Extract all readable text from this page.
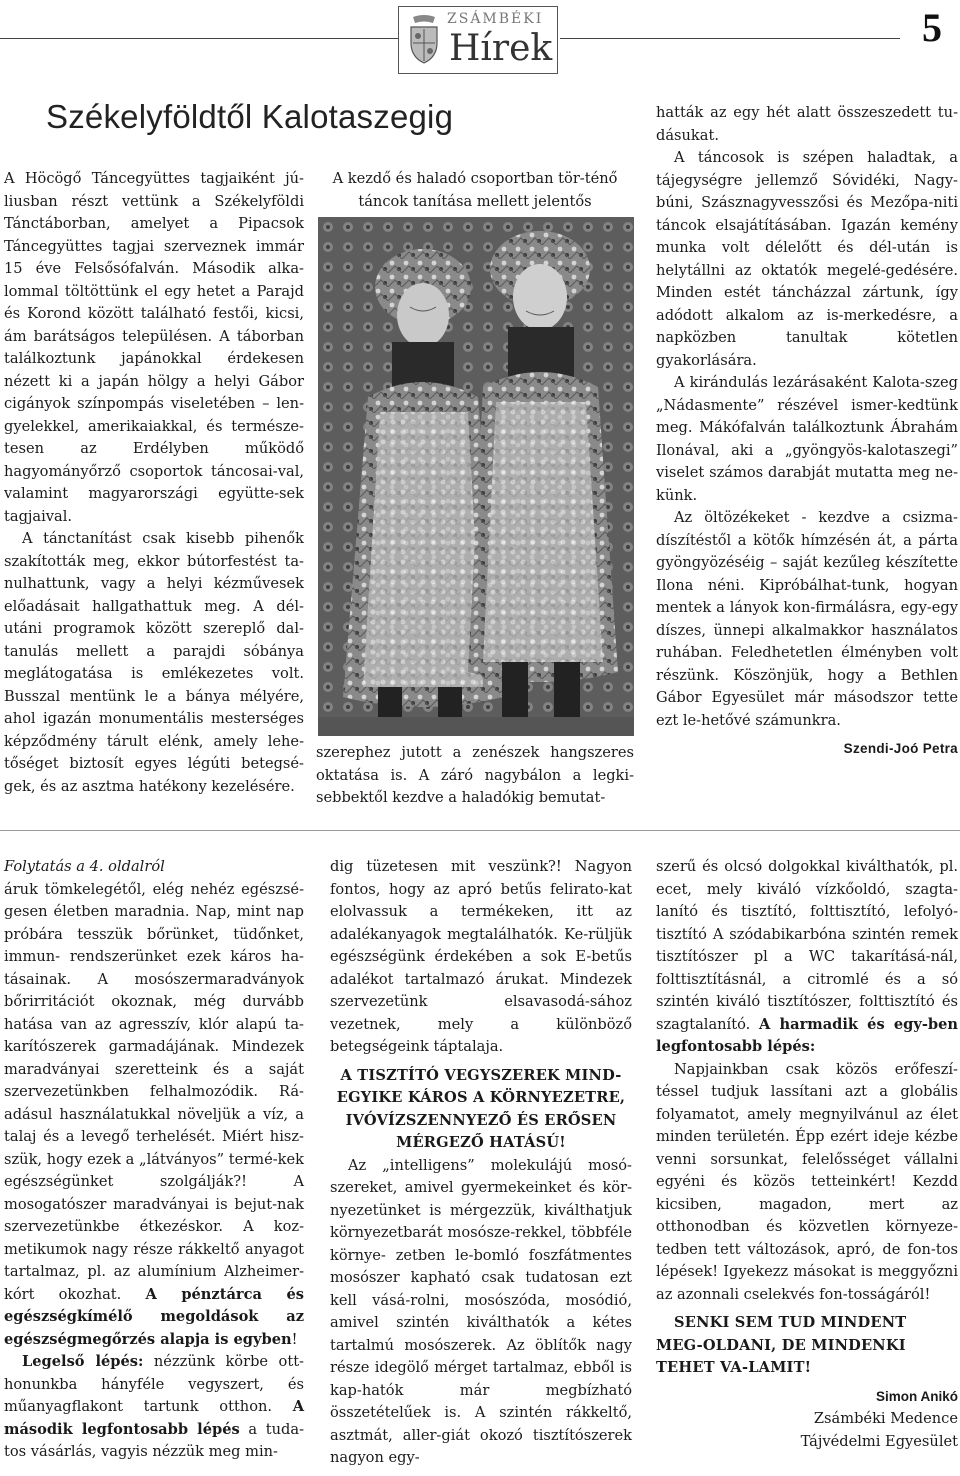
ZSÁMBÉKI
Hírek	5
Székelyföldtől Kalotaszegig

A Höcögő Táncegyüttes tagjaiként jú-liusban részt vettünk a Székelyföldi Tánctáborban, amelyet a Pipacsok Táncegyüttes tagjai szerveznek immár 15 éve Felsősófalván. Második alka-lommal töltöttünk el egy hetet a Parajd és Korond között található festői, kicsi, ám barátságos településen. A táborban találkoztunk japánokkal érdekesen nézett ki a japán hölgy a helyi Gábor cigányok színpompás viseletében – len-gyelekkel, amerikaiakkal, és természe-tesen az Erdélyben működő hagyományőrző csoportok táncosai-val, valamint magyarországi együtte-sek tagjaival.

A tánctanítást csak kisebb pihenők szakították meg, ekkor bútorfestést ta-nulhattunk, vagy a helyi kézművesek előadásait hallgathattuk meg. A dél-utáni programok között szereplő dal-tanulás mellett a parajdi sóbánya meglátogatása is emlékezetes volt. Busszal mentünk le a bánya mélyére, ahol igazán monumentális mesterséges képződmény tárult elénk, amely lehe-tőséget biztosít egyes légúti betegsé-gek, és az asztma hatékony kezelésére.

A kezdő és haladó csoportban tör-ténő táncok tanítása mellett jelentős

szerephez jutott a zenészek hangszeres oktatása is. A záró nagybálon a legki-sebbektől kezdve a haladókig bemutat-

hatták az egy hét alatt összeszedett tu-dásukat.

A táncosok is szépen haladtak, a tájegységre jellemző Sóvidéki, Nagy-búni, Szásznagyvesszősi és Mezőpa-niti táncok elsajátításában. Igazán kemény munka volt délelőtt és dél-után is helytállni az oktatók megelé-gedésére. Minden estét táncházzal zártunk, így adódott alkalom az is-merkedésre, a napközben tanultak kötetlen gyakorlására.

A kirándulás lezárásaként Kalota-szeg „Nádasmente” részével ismer-kedtünk meg. Mákófalván találkoztunk Ábrahám Ilonával, aki a „gyöngyös-kalotaszegi” viselet számos darabját mutatta meg ne-künk.

Az öltözékeket - kezdve a csizma-díszítéstől a kötők hímzésén át, a párta gyöngyözéséig – saját kezűleg készítette Ilona néni. Kipróbálhat-tunk, hogyan mentek a lányok kon-firmálásra, egy-egy díszes, ünnepi alkalmakkor használatos ruhában. Feledhetetlen élményben volt részünk. Köszönjük, hogy a Bethlen Gábor Egyesület már másodszor tette ezt le-hetővé számunkra.

Szendi-Joó Petra

Folytatás a 4. oldalról

áruk tömkelegétől, elég nehéz egészsé-gesen életben maradnia. Nap, mint nap próbára tesszük bőrünket, tüdőnket, immun- rendszerünket ezek káros ha-tásainak. A mosószermaradványok bőrirritációt okoznak, még durvább hatása van az agresszív, klór alapú ta-karítószerek garmadájának. Mindezek maradványai szeretteink és a saját szervezetünkben felhalmozódik. Rá-adásul használatukkal növeljük a víz, a talaj és a levegő terhelését. Miért hisz-szük, hogy ezek a „látványos” termé-kek egészségünket szolgálják?! A mosogatószer maradványai is bejut-nak szervezetünkbe étkezéskor. A koz-metikumok nagy része rákkeltő anyagot tartalmaz, pl. az alumínium Alzheimer-kórt okozhat. A pénztárca és egészségkímélő megoldások az egészségmegőrzés alapja is egyben!

Legelső lépés: nézzünk körbe ott-honunkba hányféle vegyszert, és műanyagflakont tartunk otthon. A második legfontosabb lépés a tuda-tos vásárlás, vagyis nézzük meg min-

dig tüzetesen mit veszünk?! Nagyon fontos, hogy az apró betűs felirato-kat elolvassuk a termékeken, itt az adalékanyagok megtalálhatók. Ke-rüljük egészségünk érdekében a sok E-betűs adalékot tartalmazó árukat. Mindezek szervezetünk elsavasodá-sához vezetnek, mely a különböző betegségeink táptalaja.

A TISZTÍTÓ VEGYSZEREK MIND-EGYIKE KÁROS A KÖRNYEZETRE, IVÓVÍZSZENNYEZŐ ÉS ERŐSEN MÉRGEZŐ HATÁSÚ!

Az „intelligens” molekulájú mosó-szereket, amivel gyermekeinket és kör-nyezetünket is mérgezzük, kiválthatjuk környezetbarát mosósze-rekkel, többféle környe- zetben le-bomló foszfátmentes mosószer kapható csak tudatosan ezt kell vásá-rolni, mosószóda, mosódió, amivel szintén kiválthatók a kétes tartalmú mosószerek. Az öblítők nagy része idegölő mérget tartalmaz, ebből is kap-hatók már megbízható összetételűek is. A szintén rákkeltő, asztmát, aller-giát okozó tisztítószerek nagyon egy-

szerű és olcsó dolgokkal kiválthatók, pl. ecet, mely kiváló vízkőoldó, szagta-lanító és tisztító, folttisztító, lefolyó-tisztító A szódabikarbóna szintén remek tisztítószer pl a WC takarításá-nál, folttisztításnál, a citromlé és a só szintén kiváló tisztítószer, folttisztító és szagtalanító. A harmadik és egy-ben legfontosabb lépés:

Napjainkban csak közös erőfeszí-téssel tudjuk lassítani azt a globális folyamatot, amely megnyilvánul az élet minden területén. Épp ezért ideje kézbe venni sorsunkat, felelősséget vállalni egyéni és közös tetteinkért! Kezdd kicsiben, magadon, mert az otthonodban és közvetlen környeze-tedben tett változások, apró, de fon-tos lépések! Igyekezz másokat is meggyőzni az azonnali cselekvés fon-tosságáról!

SENKI SEM TUD MINDENT MEG-OLDANI, DE MINDENKI TEHET VA-LAMIT!

Simon Anikó
Zsámbéki Medence
Tájvédelmi Egyesület
